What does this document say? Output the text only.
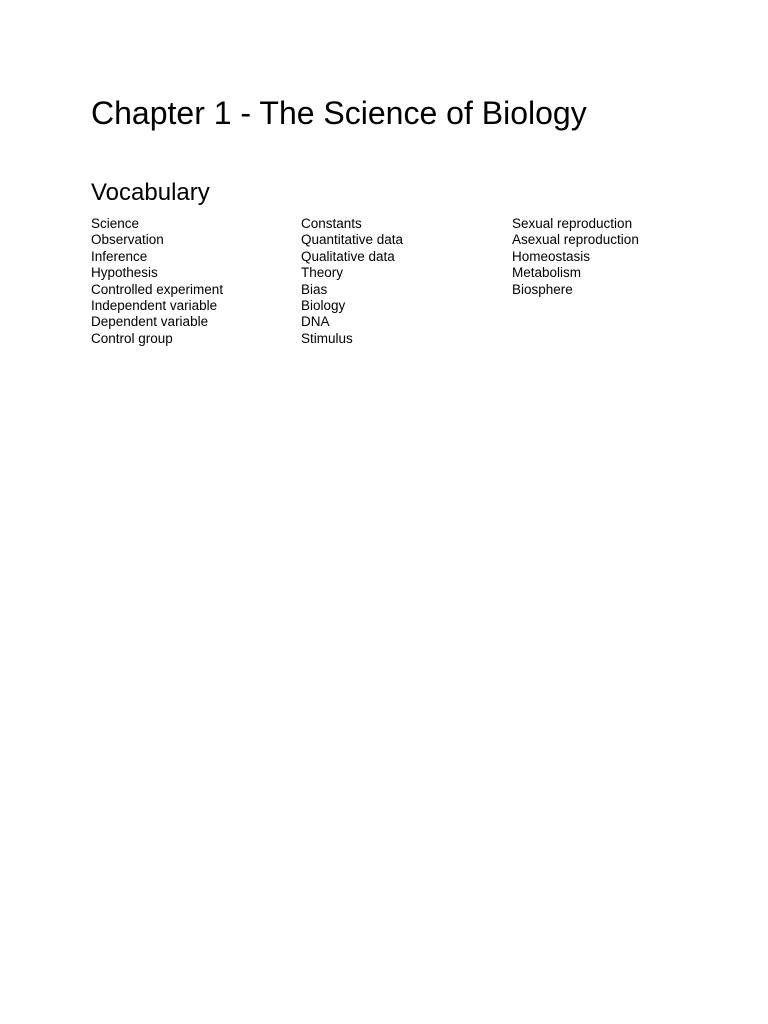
Chapter 1 - The Science of Biology
Vocabulary
Science
Observation
Inference
Hypothesis
Controlled experiment
Independent variable
Dependent variable
Control group
Constants
Quantitative data
Qualitative data
Theory
Bias
Biology
DNA
Stimulus
Sexual reproduction
Asexual reproduction
Homeostasis
Metabolism
Biosphere
